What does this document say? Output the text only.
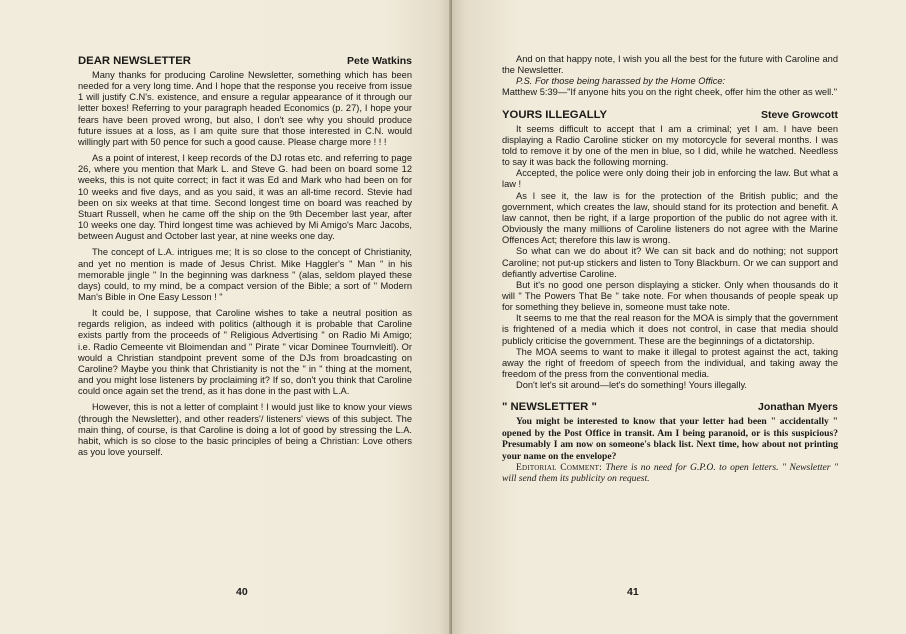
DEAR NEWSLETTER	Pete Watkins

Many thanks for producing Caroline Newsletter, something which has been needed for a very long time. And I hope that the response you receive from issue 1 will justify C.N's. existence, and ensure a regular appearance of it through our letter boxes! Referring to your paragraph headed Economics (p. 27), I hope your fears have been proved wrong, but also, I don't see why you should produce future issues at a loss, as I am quite sure that those interested in C.N. would willingly part with 50 pence for such a good cause. Please charge more ! ! !

As a point of interest, I keep records of the DJ rotas etc. and referring to page 26, where you mention that Mark L. and Steve G. had been on board some 12 weeks, this is not quite correct; in fact it was Ed and Mark who had been on for 10 weeks and five days, and as you said, it was an all-time record. Stevie had been on six weeks at that time. Second longest time on board was reached by Stuart Russell, when he came off the ship on the 9th December last year, after 10 weeks one day. Third longest time was achieved by Mi Amigo's Marc Jacobs, between August and October last year, at nine weeks one day.

The concept of L.A. intrigues me; It is so close to the concept of Christianity, and yet no mention is made of Jesus Christ. Mike Haggler's " Man " in his memorable jingle " In the beginning was darkness " (alas, seldom played these days) could, to my mind, be a compact version of the Bible; a sort of " Modern Man's Bible in One Easy Lesson ! "

It could be, I suppose, that Caroline wishes to take a neutral position as regards religion, as indeed with politics (although it is probable that Caroline exists partly from the proceeds of " Religious Advertising " on Radio Mi Amigo; i.e. Radio Cemeente vit Bloimendan and " Pirate " vicar Dominee Tournvleitl). Or would a Christian standpoint prevent some of the DJs from broadcasting on Caroline? Maybe you think that Christianity is not the " in " thing at the moment, and you might lose listeners by proclaiming it? If so, don't you think that Caroline could once again set the trend, as it has done in the past with L.A.

However, this is not a letter of complaint ! I would just like to know your views (through the Newsletter), and other readers'/ listeners' views of this subject. The main thing, of course, is that Caroline is doing a lot of good by stressing the L.A. habit, which is so close to the basic principles of being a Christian: Love others as you love yourself.

40

And on that happy note, I wish you all the best for the future with Caroline and the Newsletter.

P.S. For those being harassed by the Home Office:

Matthew 5:39—"If anyone hits you on the right cheek, offer him the other as well."

YOURS ILLEGALLY	Steve Growcott

It seems difficult to accept that I am a criminal; yet I am. I have been displaying a Radio Caroline sticker on my motorcycle for several months. I was told to remove it by one of the men in blue, so I did, while he watched. Needless to say it was back the following morning.

Accepted, the police were only doing their job in enforcing the law. But what a law !

As I see it, the law is for the protection of the British public; and the government, which creates the law, should stand for its protection and benefit. A law cannot, then be right, if a large proportion of the public do not agree with it. Obviously the many millions of Caroline listeners do not agree with the Marine Offences Act; therefore this law is wrong.

So what can we do about it? We can sit back and do nothing; not support Caroline; not put-up stickers and listen to Tony Blackburn. Or we can support and defiantly advertise Caroline.

But it's no good one person displaying a sticker. Only when thousands do it will " The Powers That Be " take note. For when thousands of people speak up for something they believe in, someone must take note.

It seems to me that the real reason for the MOA is simply that the government is frightened of a media which it does not control, in case that media should publicly criticise the government. These are the beginnings of a dictatorship.

The MOA seems to want to make it illegal to protest against the act, taking away the right of freedom of speech from the individual, and taking away the freedom of the press from the conventional media.

Don't let's sit around—let's do something! Yours illegally.

" NEWSLETTER "	Jonathan Myers

You might be interested to know that your letter had been " accidentally " opened by the Post Office in transit. Am I being paranoid, or is this suspicious? Presumably I am now on someone's black list. Next time, how about not printing your name on the envelope?

Editorial Comment: There is no need for G.P.O. to open letters. " Newsletter " will send them its publicity on request.

41
